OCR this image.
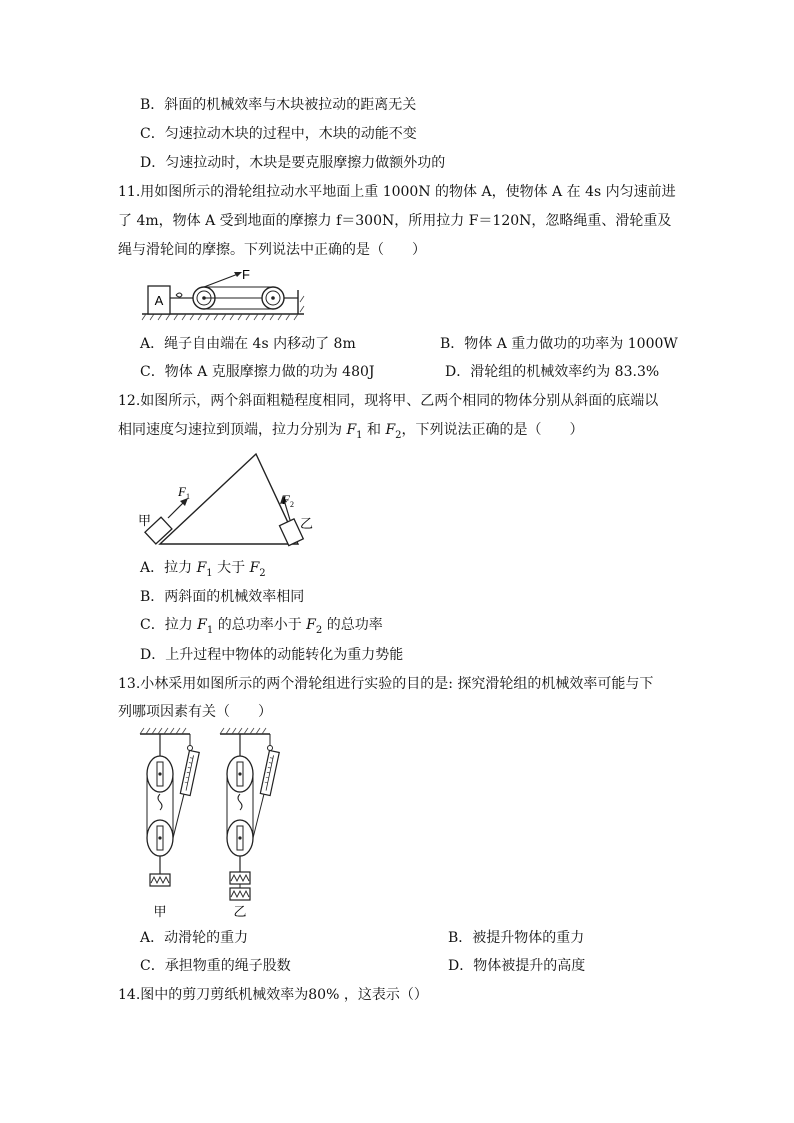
B．斜面的机械效率与木块被拉动的距离无关
C．匀速拉动木块的过程中，木块的动能不变
D．匀速拉动时，木块是要克服摩擦力做额外功的
11.用如图所示的滑轮组拉动水平地面上重 1000N 的物体 A，使物体 A 在 4s 内匀速前进
了 4m，物体 A 受到地面的摩擦力 f＝300N，所用拉力 F＝120N，忽略绳重、滑轮重及
绳与滑轮间的摩擦。下列说法中正确的是（　　）
A
F
A．绳子自由端在 4s 内移动了 8m	B．物体 A 重力做功的功率为 1000W
C．物体 A 克服摩擦力做的功为 480J	D．滑轮组的机械效率约为 83.3%
12.如图所示，两个斜面粗糙程度相同，现将甲、乙两个相同的物体分别从斜面的底端以
相同速度匀速拉到顶端，拉力分别为 $F_1$ 和 $F_2$，下列说法正确的是（　　）
F 1
甲
F 2
乙
A．拉力 $F_1$ 大于 $F_2$
B．两斜面的机械效率相同
C．拉力 $F_1$ 的总功率小于 $F_2$ 的总功率
D．上升过程中物体的动能转化为重力势能
13.小林采用如图所示的两个滑轮组进行实验的目的是: 探究滑轮组的机械效率可能与下
列哪项因素有关（　　）
甲	乙
A．动滑轮的重力	B．被提升物体的重力
C．承担物重的绳子股数	D．物体被提升的高度
14.图中的剪刀剪纸机械效率为80% ，这表示（）
